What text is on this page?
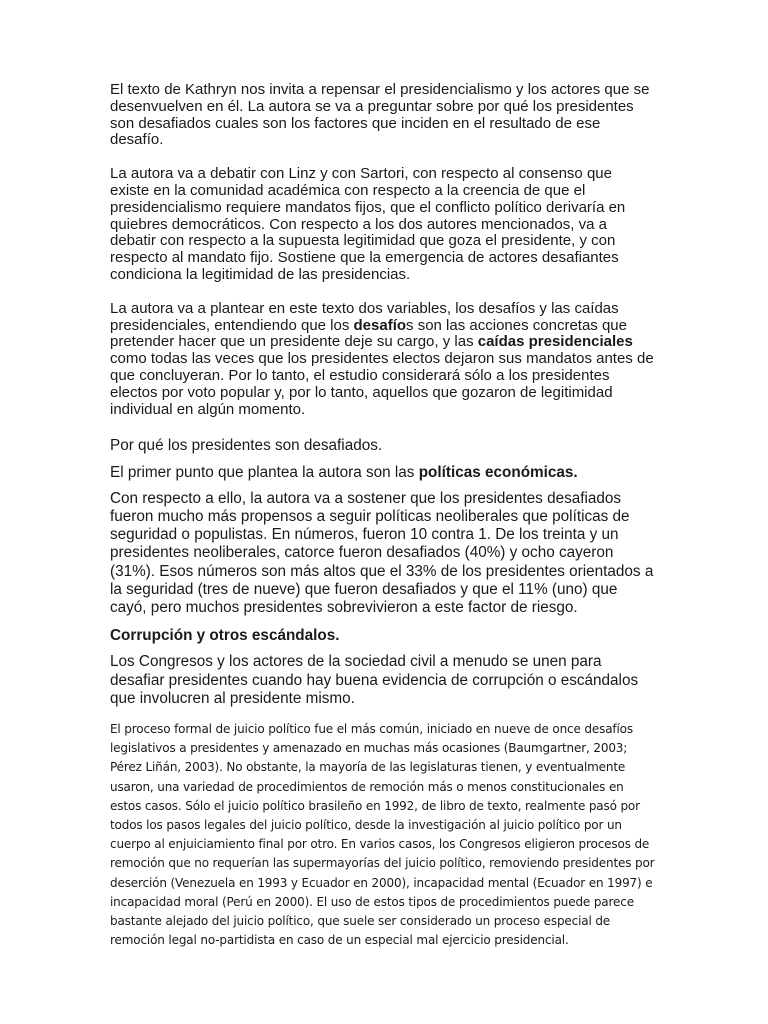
El texto de Kathryn nos invita a repensar el presidencialismo y los actores que se desenvuelven en él. La autora se va a preguntar sobre por qué los presidentes son desafiados cuales son los factores que inciden en el resultado de ese desafío.

La autora va a debatir con Linz y con Sartori, con respecto al consenso que existe en la comunidad académica con respecto a la creencia de que el presidencialismo requiere mandatos fijos, que el conflicto político derivaría en quiebres democráticos. Con respecto a los dos autores mencionados, va a debatir con respecto a la supuesta legitimidad que goza el presidente, y con respecto al mandato fijo. Sostiene que la emergencia de actores desafiantes condiciona la legitimidad de las presidencias.

La autora va a plantear en este texto dos variables, los desafíos y las caídas presidenciales, entendiendo que los desafíos son las acciones concretas que pretender hacer que un presidente deje su cargo, y las caídas presidenciales como todas las veces que los presidentes electos dejaron sus mandatos antes de que concluyeran. Por lo tanto, el estudio considerará sólo a los presidentes electos por voto popular y, por lo tanto, aquellos que gozaron de legitimidad individual en algún momento.

Por qué los presidentes son desafiados.

El primer punto que plantea la autora son las políticas económicas.

Con respecto a ello, la autora va a sostener que los presidentes desafiados fueron mucho más propensos a seguir políticas neoliberales que políticas de seguridad o populistas. En números, fueron 10 contra 1. De los treinta y un presidentes neoliberales, catorce fueron desafiados (40%) y ocho cayeron (31%). Esos números son más altos que el 33% de los presidentes orientados a la seguridad (tres de nueve) que fueron desafiados y que el 11% (uno) que cayó, pero muchos presidentes sobrevivieron a este factor de riesgo.

Corrupción y otros escándalos.

Los Congresos y los actores de la sociedad civil a menudo se unen para desafiar presidentes cuando hay buena evidencia de corrupción o escándalos que involucren al presidente mismo.

El proceso formal de juicio político fue el más común, iniciado en nueve de once desafíos legislativos a presidentes y amenazado en muchas más ocasiones (Baumgartner, 2003; Pérez Liñán, 2003). No obstante, la mayoría de las legislaturas tienen, y eventualmente usaron, una variedad de procedimientos de remoción más o menos constitucionales en estos casos. Sólo el juicio político brasileño en 1992, de libro de texto, realmente pasó por todos los pasos legales del juicio político, desde la investigación al juicio político por un cuerpo al enjuiciamiento final por otro. En varios casos, los Congresos eligieron procesos de remoción que no requerían las supermayorías del juicio político, removiendo presidentes por deserción (Venezuela en 1993 y Ecuador en 2000), incapacidad mental (Ecuador en 1997) e incapacidad moral (Perú en 2000). El uso de estos tipos de procedimientos puede parece bastante alejado del juicio político, que suele ser considerado un proceso especial de remoción legal no-partidista en caso de un especial mal ejercicio presidencial.
